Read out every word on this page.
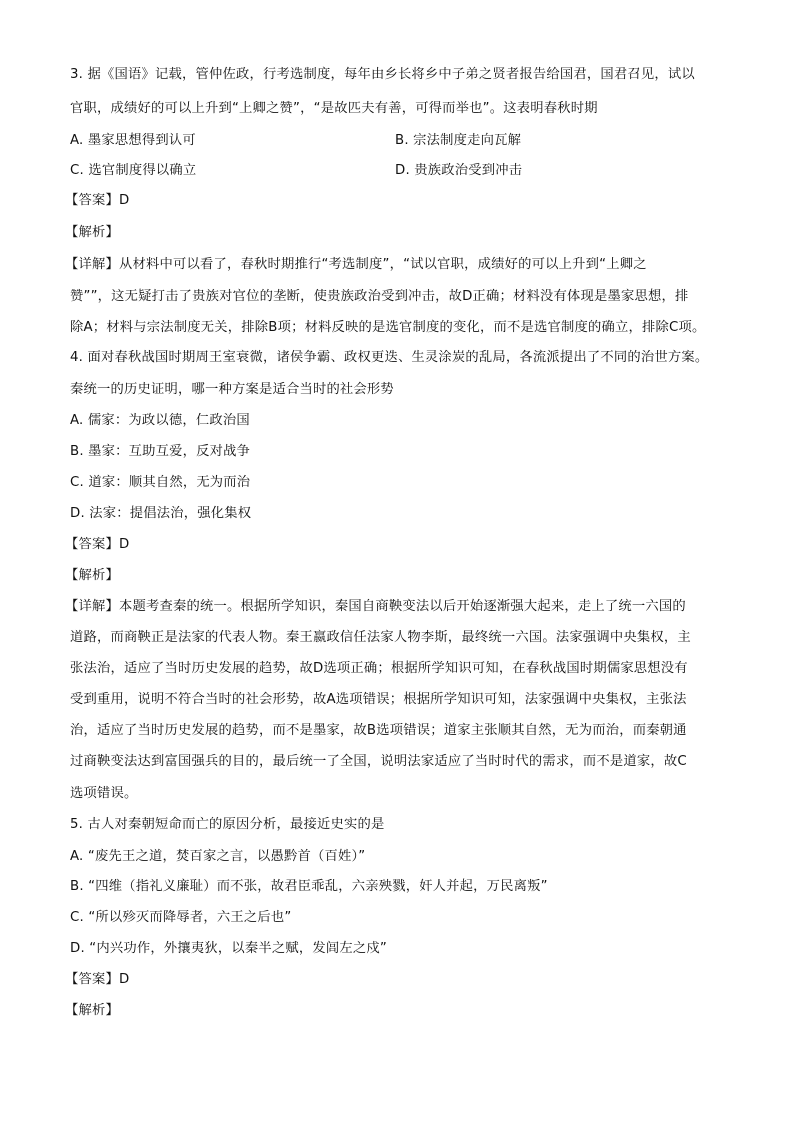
3. 据《国语》记载，管仲佐政，行考选制度，每年由乡长将乡中子弟之贤者报告给国君，国君召见，试以
官职，成绩好的可以上升到“上卿之赞”，“是故匹夫有善，可得而举也”。这表明春秋时期
A. 墨家思想得到认可	B. 宗法制度走向瓦解
C. 选官制度得以确立	D. 贵族政治受到冲击
【答案】D
【解析】
【详解】从材料中可以看了，春秋时期推行“考选制度”，“试以官职，成绩好的可以上升到“上卿之
赞””，这无疑打击了贵族对官位的垄断，使贵族政治受到冲击，故D正确；材料没有体现是墨家思想，排
除A；材料与宗法制度无关，排除B项；材料反映的是选官制度的变化，而不是选官制度的确立，排除C项。
4. 面对春秋战国时期周王室衰微，诸侯争霸、政权更迭、生灵涂炭的乱局，各流派提出了不同的治世方案。
秦统一的历史证明，哪一种方案是适合当时的社会形势
A. 儒家：为政以德，仁政治国
B. 墨家：互助互爱，反对战争
C. 道家：顺其自然，无为而治
D. 法家：提倡法治，强化集权
【答案】D
【解析】
【详解】本题考查秦的统一。根据所学知识，秦国自商鞅变法以后开始逐渐强大起来，走上了统一六国的
道路，而商鞅正是法家的代表人物。秦王嬴政信任法家人物李斯，最终统一六国。法家强调中央集权，主
张法治，适应了当时历史发展的趋势，故D选项正确；根据所学知识可知，在春秋战国时期儒家思想没有
受到重用，说明不符合当时的社会形势，故A选项错误；根据所学知识可知，法家强调中央集权，主张法
治，适应了当时历史发展的趋势，而不是墨家，故B选项错误；道家主张顺其自然，无为而治，而秦朝通
过商鞅变法达到富国强兵的目的，最后统一了全国，说明法家适应了当时时代的需求，而不是道家，故C
选项错误。
5. 古人对秦朝短命而亡的原因分析，最接近史实的是
A. “废先王之道，焚百家之言，以愚黔首（百姓）”
B. “四维（指礼义廉耻）而不张，故君臣乖乱，六亲殃戮，奸人并起，万民离叛”
C. “所以殄灭而降辱者，六王之后也”
D. “内兴功作，外攘夷狄，以秦半之赋，发闾左之戍”
【答案】D
【解析】
